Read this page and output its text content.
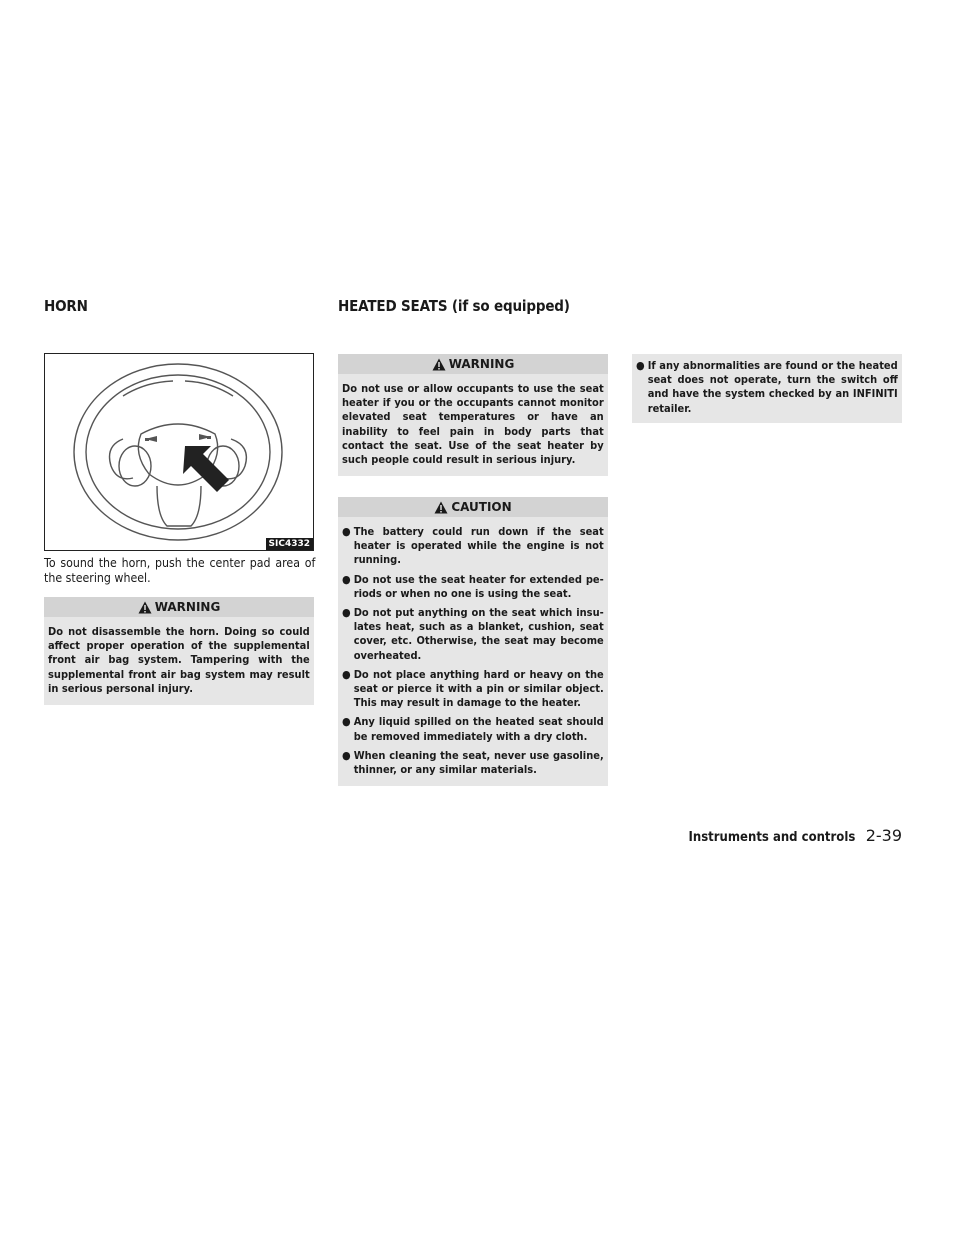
HORN	HEATED SEATS (if so equipped)
SIC4332
To sound the horn, push the center pad area of the steering wheel.
WARNING
Do not disassemble the horn. Doing so could affect proper operation of the supplemental front air bag system. Tampering with the supplemental front air bag system may result in serious personal injury.
WARNING
Do not use or allow occupants to use the seat heater if you or the occupants cannot monitor elevated seat temperatures or have an inability to feel pain in body parts that contact the seat. Use of the seat heater by such people could result in serious injury.
CAUTION
● The battery could run down if the seat heater is operated while the engine is not running.
● Do not use the seat heater for extended pe-riods or when no one is using the seat.
● Do not put anything on the seat which insu-lates heat, such as a blanket, cushion, seat cover, etc. Otherwise, the seat may become overheated.
● Do not place anything hard or heavy on the seat or pierce it with a pin or similar object. This may result in damage to the heater.
● Any liquid spilled on the heated seat should be removed immediately with a dry cloth.
● When cleaning the seat, never use gasoline, thinner, or any similar materials.
● If any abnormalities are found or the heated seat does not operate, turn the switch off and have the system checked by an INFINITI retailer.
Instruments and controls 2-39
